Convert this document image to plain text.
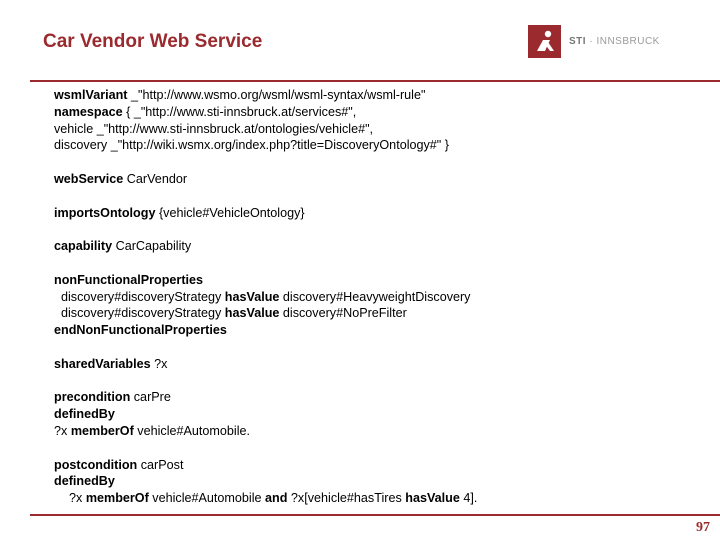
Car Vendor Web Service	STI · INNSBRUCK
wsmlVariant _"http://www.wsmo.org/wsml/wsml-syntax/wsml-rule"
namespace { _"http://www.sti-innsbruck.at/services#",
vehicle _"http://www.sti-innsbruck.at/ontologies/vehicle#",
discovery _"http://wiki.wsmx.org/index.php?title=DiscoveryOntology#" }
webService CarVendor
importsOntology {vehicle#VehicleOntology}
capability CarCapability
nonFunctionalProperties
discovery#discoveryStrategy hasValue discovery#HeavyweightDiscovery
discovery#discoveryStrategy hasValue discovery#NoPreFilter
endNonFunctionalProperties
sharedVariables ?x
precondition carPre
definedBy
?x memberOf vehicle#Automobile.
postcondition carPost
definedBy
?x memberOf vehicle#Automobile and ?x[vehicle#hasTires hasValue 4].
97
